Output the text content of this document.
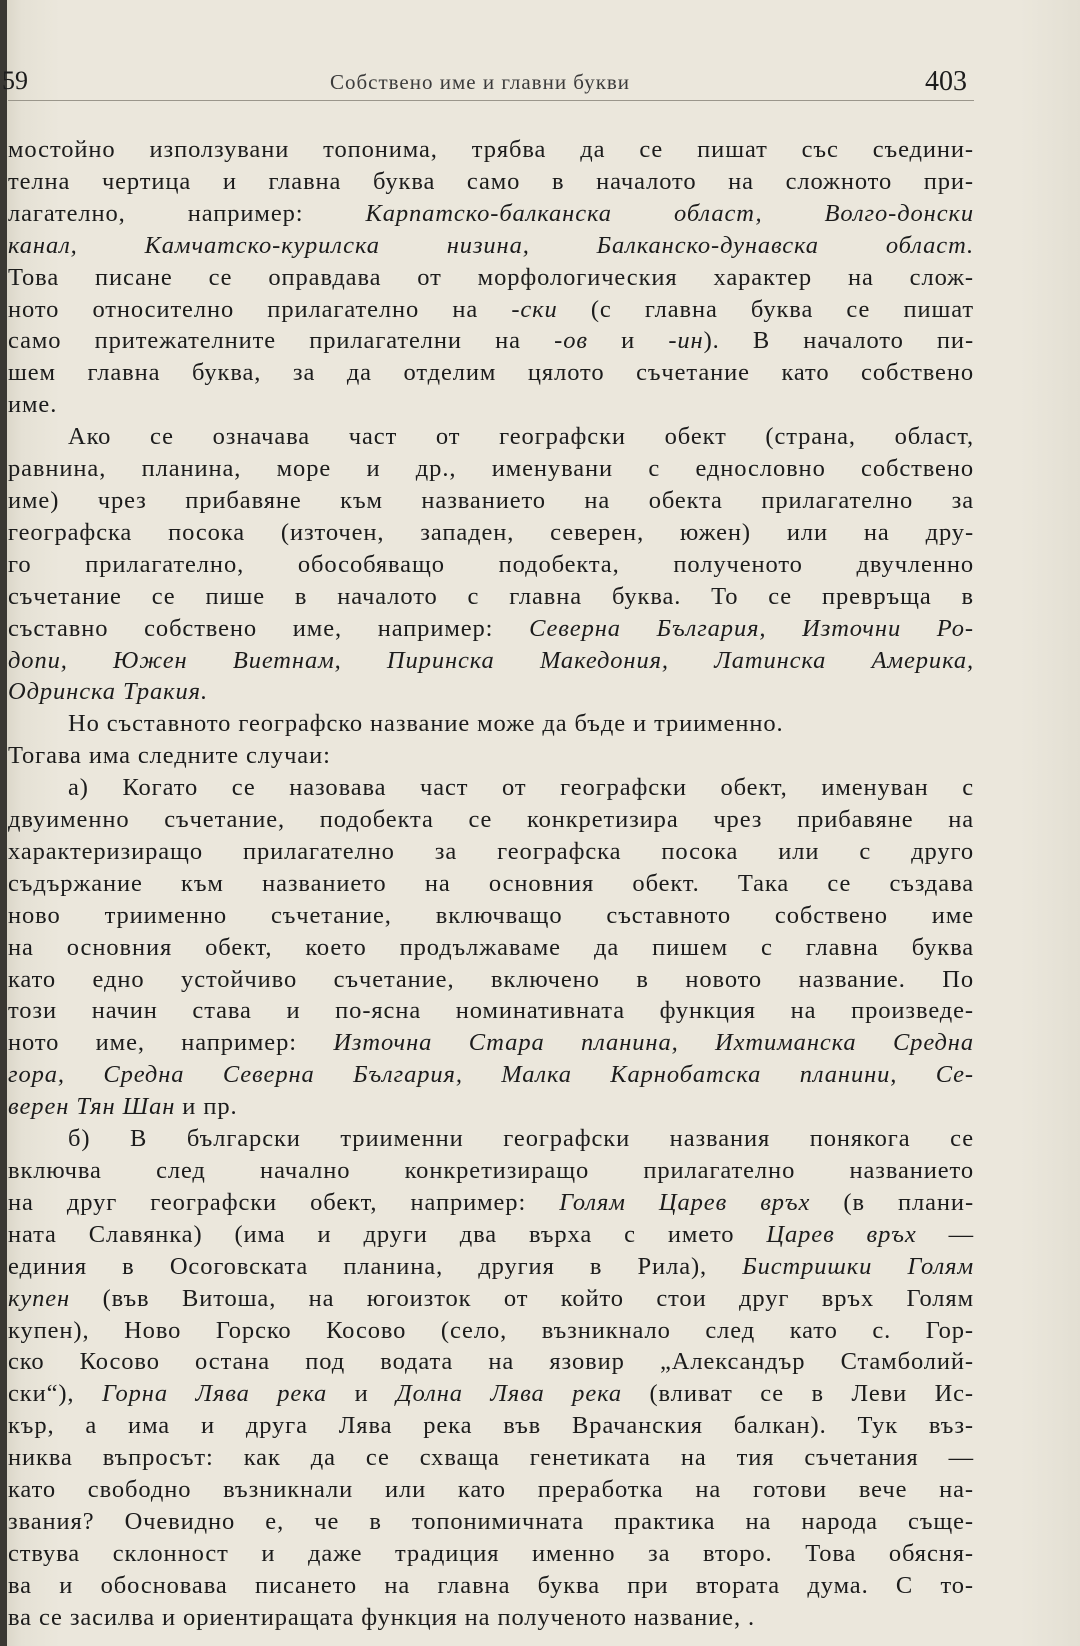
59	Собствено име и главни букви	403
мостойно използувани топонима, трябва да се пишат със съедини-
телна чертица и главна буква само в началото на сложното при-
лагателно, например: Карпатско-балканска област, Волго-донски
канал, Камчатско-курилска низина, Балканско-дунавска област.
Това писане се оправдава от морфологическия характер на слож-
ното относително прилагателно на -ски (с главна буква се пишат
само притежателните прилагателни на -ов и -ин). В началото пи-
шем главна буква, за да отделим цялото съчетание като собствено
име.
Ако се означава част от географски обект (страна, област,
равнина, планина, море и др., именувани с еднословно собствено
име) чрез прибавяне към названието на обекта прилагателно за
географска посока (източен, западен, северен, южен) или на дру-
го прилагателно, обособяващо подобекта, полученото двучленно
съчетание се пише в началото с главна буква. То се превръща в
съставно собствено име, например: Северна България, Източни Ро-
допи, Южен Виетнам, Пиринска Македония, Латинска Америка,
Одринска Тракия.
Но съставното географско название може да бъде и триименно.
Тогава има следните случаи:
а) Когато се назовава част от географски обект, именуван с
двуименно съчетание, подобекта се конкретизира чрез прибавяне на
характеризиращо прилагателно за географска посока или с друго
съдържание към названието на основния обект. Така се създава
ново триименно съчетание, включващо съставното собствено име
на основния обект, което продължаваме да пишем с главна буква
като едно устойчиво съчетание, включено в новото название. По
този начин става и по-ясна номинативната функция на произведе-
ното име, например: Източна Стара планина, Ихтиманска Средна
гора, Средна Северна България, Малка Карнобатска планини, Се-
верен Тян Шан и пр.
б) В български триименни географски названия понякога се
включва след начално конкретизиращо прилагателно названието
на друг географски обект, например: Голям Царев връх (в плани-
ната Славянка) (има и други два върха с името Царев връх —
единия в Осоговската планина, другия в Рила), Бистришки Голям
купен (във Витоша, на югоизток от който стои друг връх Голям
купен), Ново Горско Косово (село, възникнало след като с. Гор-
ско Косово остана под водата на язовир „Александър Стамболий-
ски“), Горна Лява река и Долна Лява река (вливат се в Леви Ис-
кър, а има и друга Лява река във Врачанския балкан). Тук въз-
никва въпросът: как да се схваща генетиката на тия съчетания —
като свободно възникнали или като преработка на готови вече на-
звания? Очевидно е, че в топонимичната практика на народа съще-
ствува склонност и даже традиция именно за второ. Това обясня-
ва и обосновава писането на главна буква при втората дума. С то-
ва се засилва и ориентиращата функция на полученото название, .
